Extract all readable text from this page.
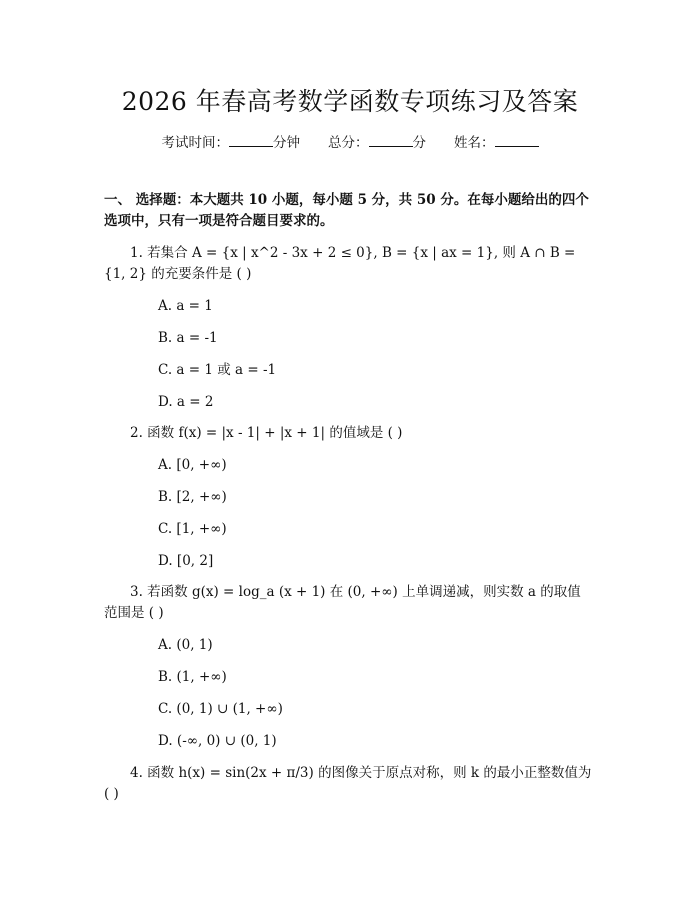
2026 年春高考数学函数专项练习及答案
考试时间：	分钟 总分：	分 姓名：

一、 选择题：本大题共 10 小题，每小题 5 分，共 50 分。在每小题给出的四个选项中，只有一项是符合题目要求的。

1. 若集合 A = {x | x^2 - 3x + 2 ≤ 0}, B = {x | ax = 1}, 则 A ∩ B = {1, 2} 的充要条件是 ( )

A. a = 1
B. a = -1
C. a = 1 或 a = -1
D. a = 2

2. 函数 f(x) = |x - 1| + |x + 1| 的值域是 ( )

A. [0, +∞)
B. [2, +∞)
C. [1, +∞)
D. [0, 2]

3. 若函数 g(x) = log_a (x + 1) 在 (0, +∞) 上单调递减，则实数 a 的取值范围是 ( )

A. (0, 1)
B. (1, +∞)
C. (0, 1) ∪ (1, +∞)
D. (-∞, 0) ∪ (0, 1)

4. 函数 h(x) = sin(2x + π/3) 的图像关于原点对称，则 k 的最小正整数值为 ( )
